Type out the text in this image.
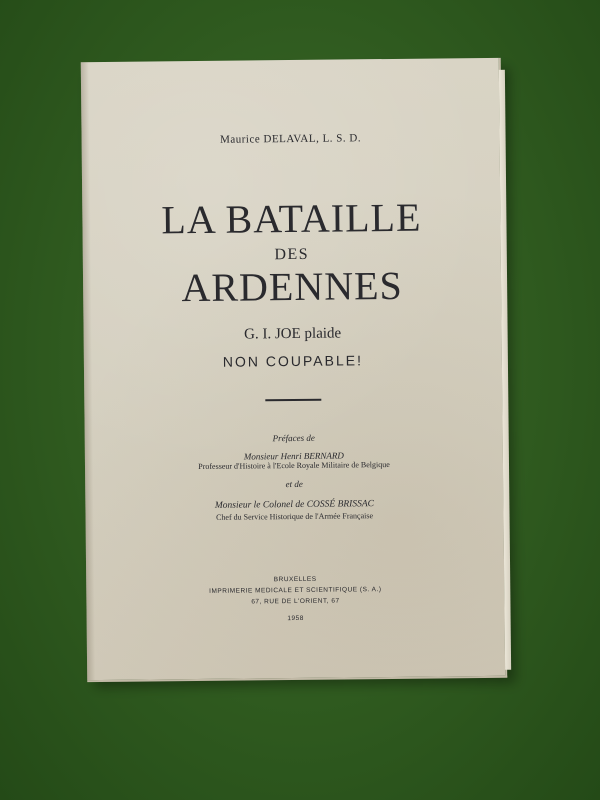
Maurice DELAVAL, L. S. D.
LA BATAILLE
DES
ARDENNES
G. I. JOE plaide
NON COUPABLE!
Préfaces de
Monsieur Henri BERNARD
Professeur d'Histoire à l'Ecole Royale Militaire de Belgique
et de
Monsieur le Colonel de COSSÉ BRISSAC
Chef du Service Historique de l'Armée Française
BRUXELLES
IMPRIMERIE MEDICALE ET SCIENTIFIQUE (S. A.)
67, RUE DE L'ORIENT, 67
1958
